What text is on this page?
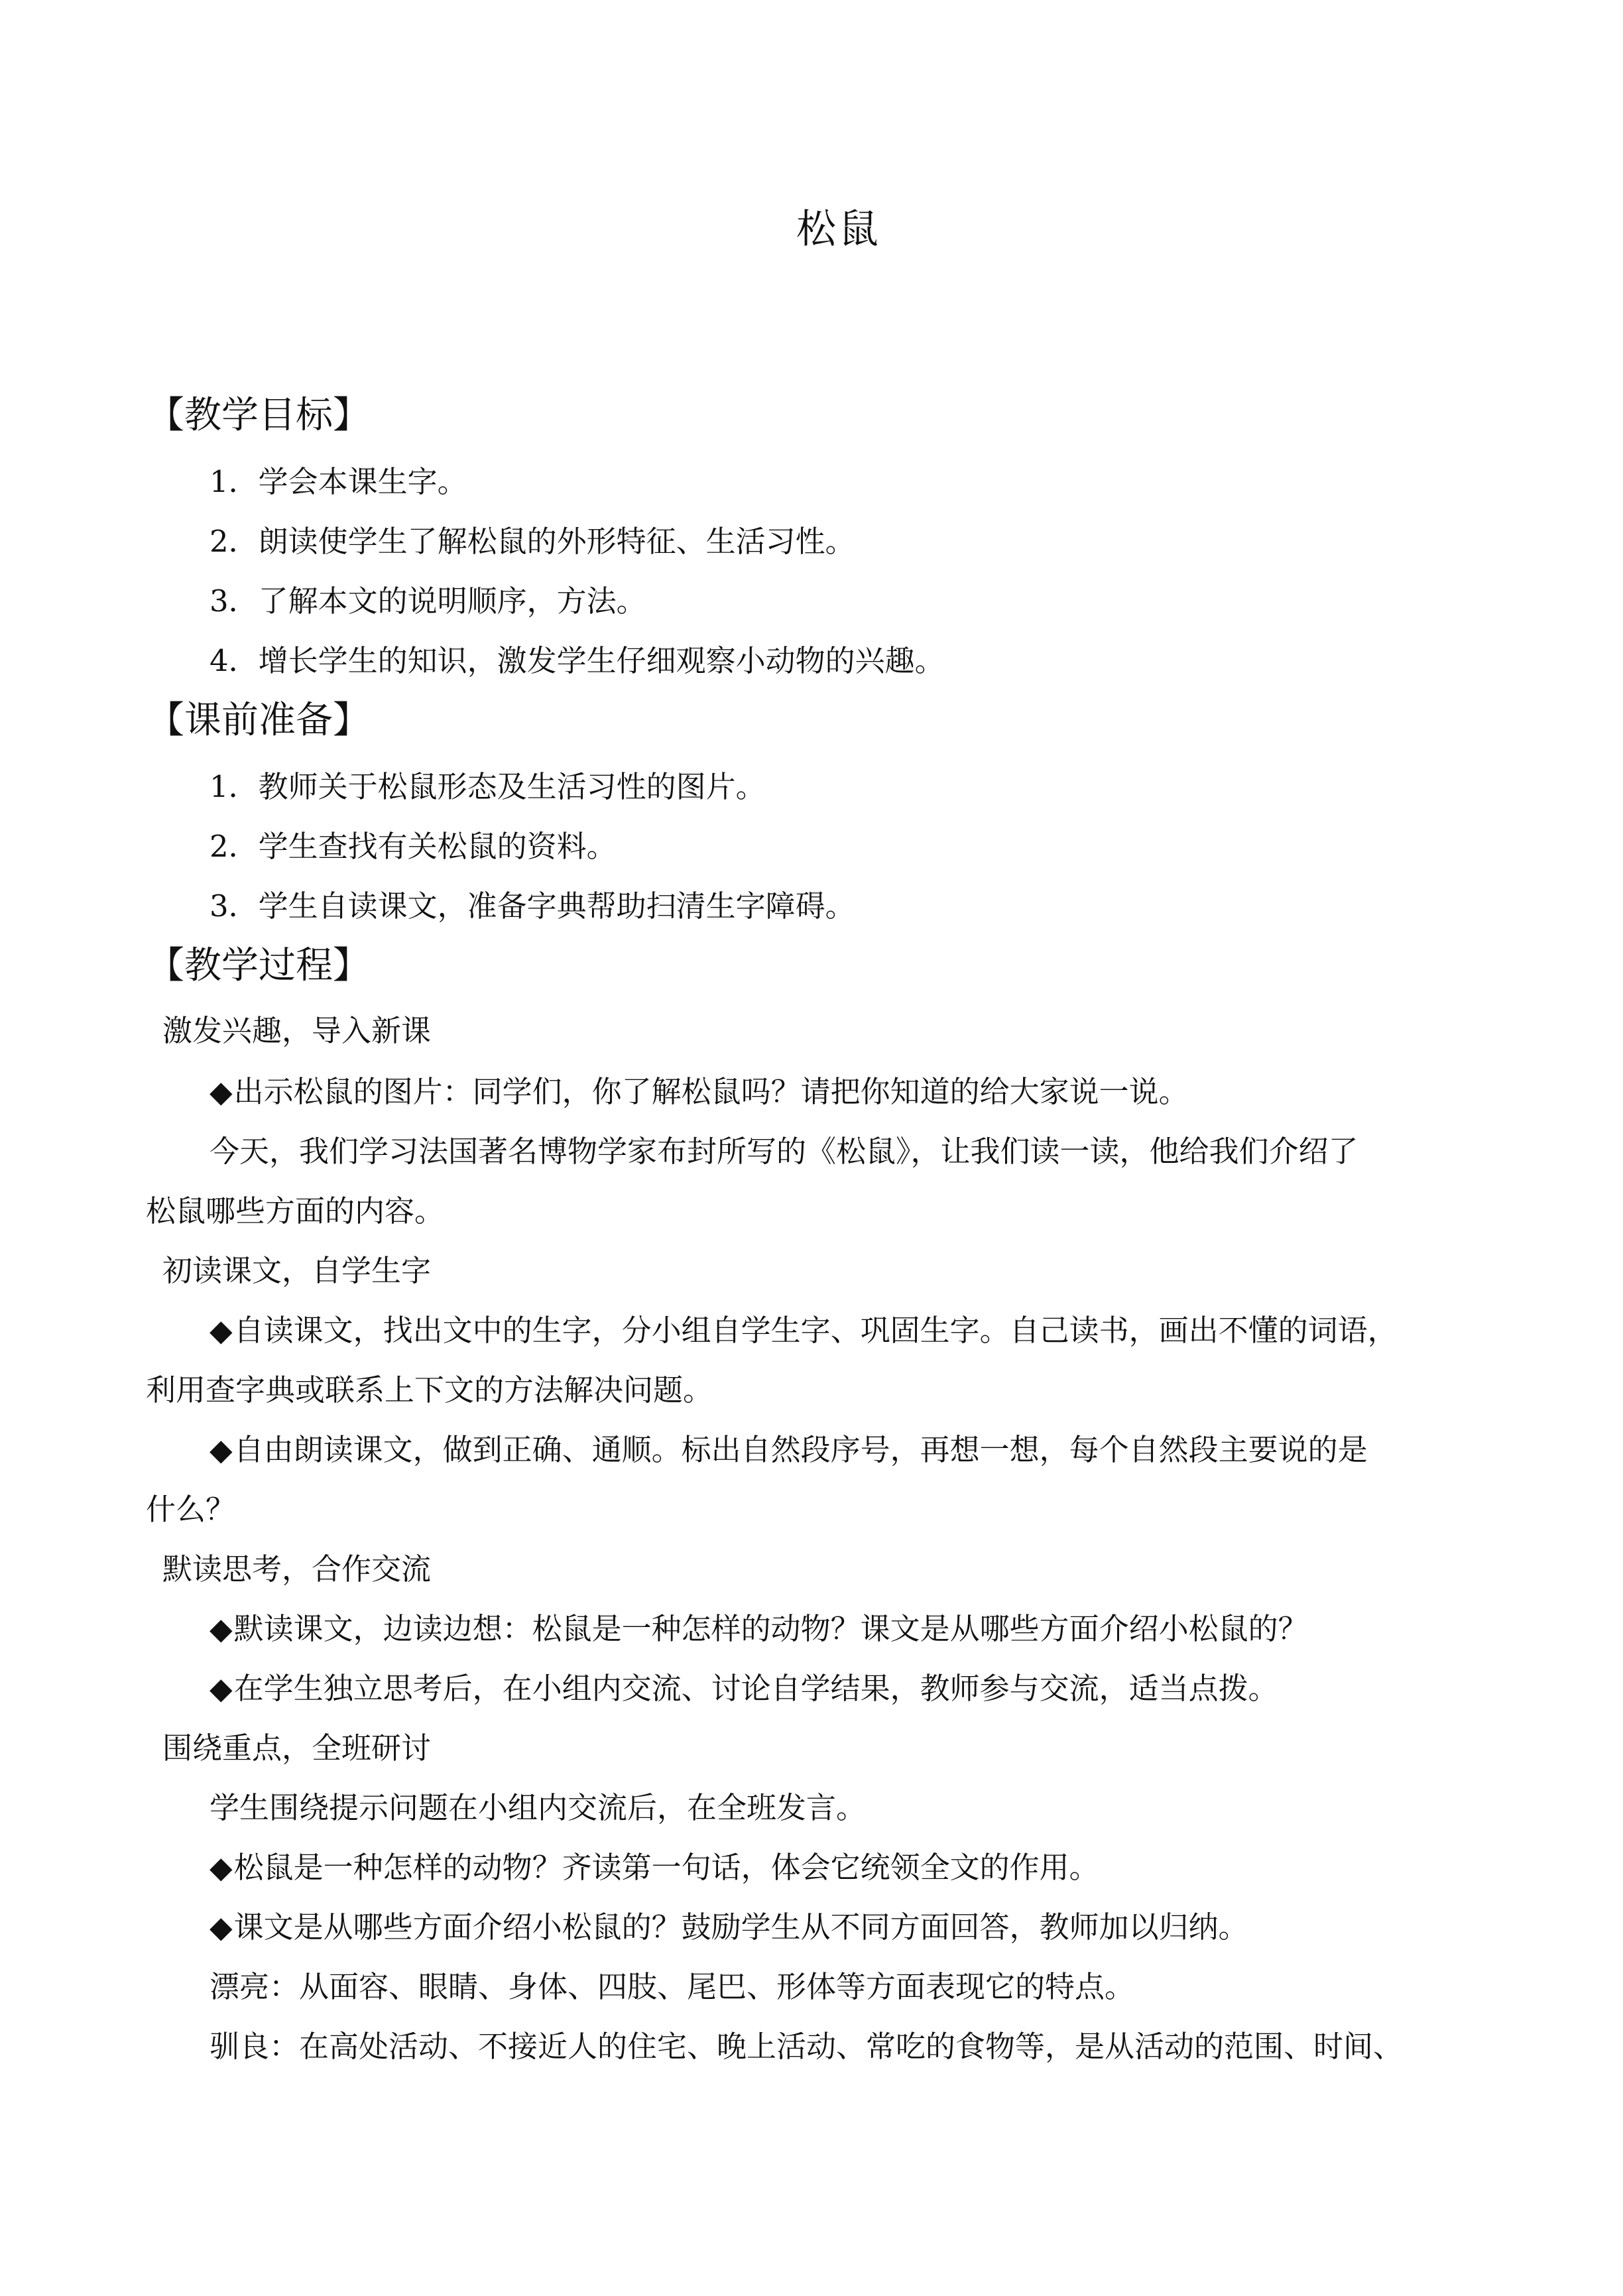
松鼠
【教学目标】
1．学会本课生字。
2．朗读使学生了解松鼠的外形特征、生活习性。
3．了解本文的说明顺序，方法。
4．增长学生的知识，激发学生仔细观察小动物的兴趣。
【课前准备】
1．教师关于松鼠形态及生活习性的图片。
2．学生查找有关松鼠的资料。
3．学生自读课文，准备字典帮助扫清生字障碍。
【教学过程】
激发兴趣，导入新课
◆出示松鼠的图片：同学们，你了解松鼠吗？请把你知道的给大家说一说。
今天，我们学习法国著名博物学家布封所写的《松鼠》，让我们读一读，他给我们介绍了
松鼠哪些方面的内容。
初读课文，自学生字
◆自读课文，找出文中的生字，分小组自学生字、巩固生字。自己读书，画出不懂的词语，
利用查字典或联系上下文的方法解决问题。
◆自由朗读课文，做到正确、通顺。标出自然段序号，再想一想，每个自然段主要说的是
什么？
默读思考，合作交流
◆默读课文，边读边想：松鼠是一种怎样的动物？课文是从哪些方面介绍小松鼠的？
◆在学生独立思考后，在小组内交流、讨论自学结果，教师参与交流，适当点拨。
围绕重点，全班研讨
学生围绕提示问题在小组内交流后，在全班发言。
◆松鼠是一种怎样的动物？齐读第一句话，体会它统领全文的作用。
◆课文是从哪些方面介绍小松鼠的？鼓励学生从不同方面回答，教师加以归纳。
漂亮：从面容、眼睛、身体、四肢、尾巴、形体等方面表现它的特点。
驯良：在高处活动、不接近人的住宅、晚上活动、常吃的食物等，是从活动的范围、时间、
